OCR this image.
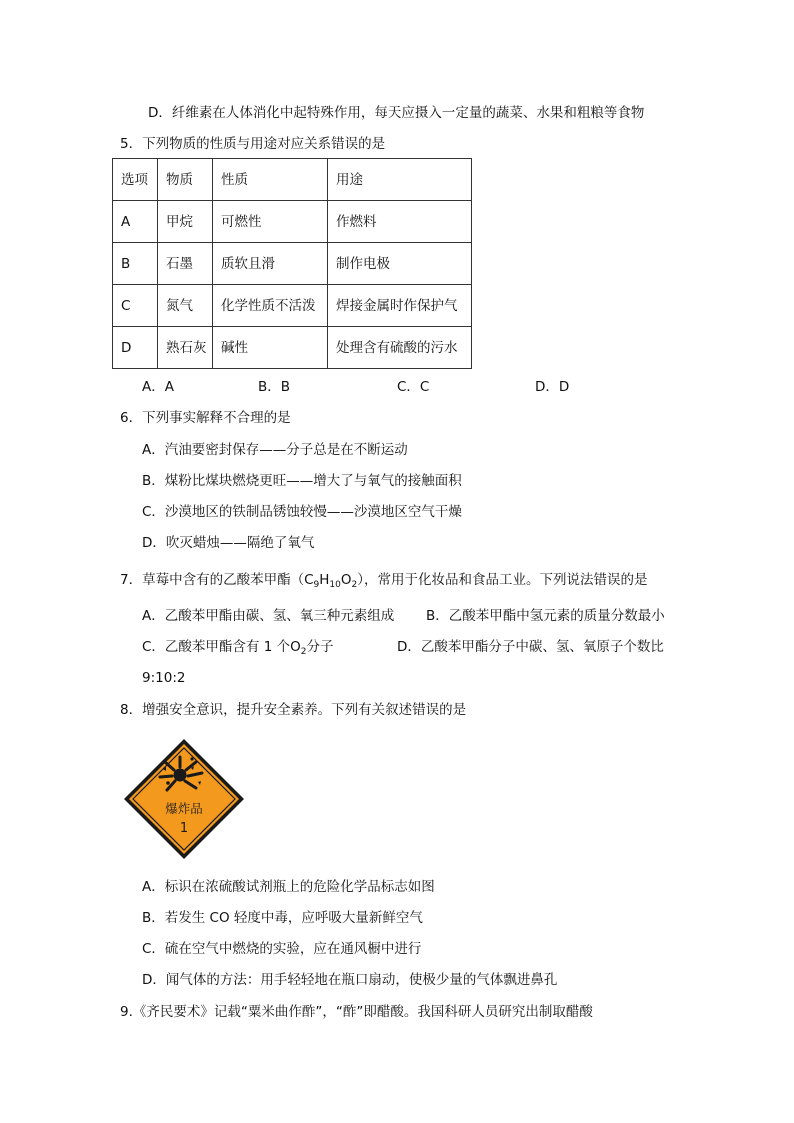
D．纤维素在人体消化中起特殊作用，每天应摄入一定量的蔬菜、水果和粗粮等食物
5．下列物质的性质与用途对应关系错误的是
选项	物质	性质	用途
A	甲烷	可燃性	作燃料
B	石墨	质软且滑	制作电极
C	氮气	化学性质不活泼	焊接金属时作保护气
D	熟石灰	碱性	处理含有硫酸的污水
A．A	B．B	C．C	D．D
6．下列事实解释不合理的是
A．汽油要密封保存——分子总是在不断运动
B．煤粉比煤块燃烧更旺——增大了与氧气的接触面积
C．沙漠地区的铁制品锈蚀较慢——沙漠地区空气干燥
D．吹灭蜡烛——隔绝了氧气
7．草莓中含有的乙酸苯甲酯$(C_9H_{10}O_2)$，常用于化妆品和食品工业。下列说法错误的是
A．乙酸苯甲酯由碳、氢、氧三种元素组成 B．乙酸苯甲酯中氢元素的质量分数最小
C．乙酸苯甲酯含有 1 个$O_2$分子	D．乙酸苯甲酯分子中碳、氢、氧原子个数比
9:10:2
8．增强安全意识，提升安全素养。下列有关叙述错误的是
爆炸品
1
A．标识在浓硫酸试剂瓶上的危险化学品标志如图
B．若发生 CO 轻度中毒，应呼吸大量新鲜空气
C．硫在空气中燃烧的实验，应在通风橱中进行
D．闻气体的方法：用手轻轻地在瓶口扇动，使极少量的气体飘进鼻孔
9.《齐民要术》记载“粟米曲作酢”，“酢”即醋酸。我国科研人员研究出制取醋酸
